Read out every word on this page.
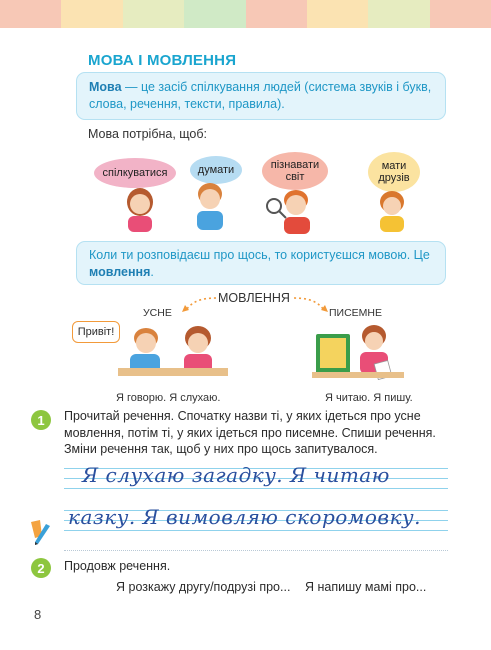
МОВА І МОВЛЕННЯ
Мова — це засіб спілкування людей (система звуків і букв, слова, речення, тексти, правила).
Мова потрібна, щоб:
спілкуватися	думати	пізнавати світ
мати друзів
Коли ти розповідаєш про щось, то користуєшся мовою. Це мовлення.
МОВЛЕННЯ
УСНЕ	ПИСЕМНЕ
Привіт!
Я говорю. Я слухаю.	Я читаю. Я пишу.
1	Прочитай речення. Спочатку назви ті, у яких ідеться про усне мовлення, потім ті, у яких ідеться про писемне. Спиши речення. Зміни речення так, щоб у них про щось запитувалося.
Я слухаю загадку. Я читаю
казку. Я вимовляю скоромовку.
2	Продовж речення.
Я розкажу другу/подрузі про... Я напишу мамі про...
8
